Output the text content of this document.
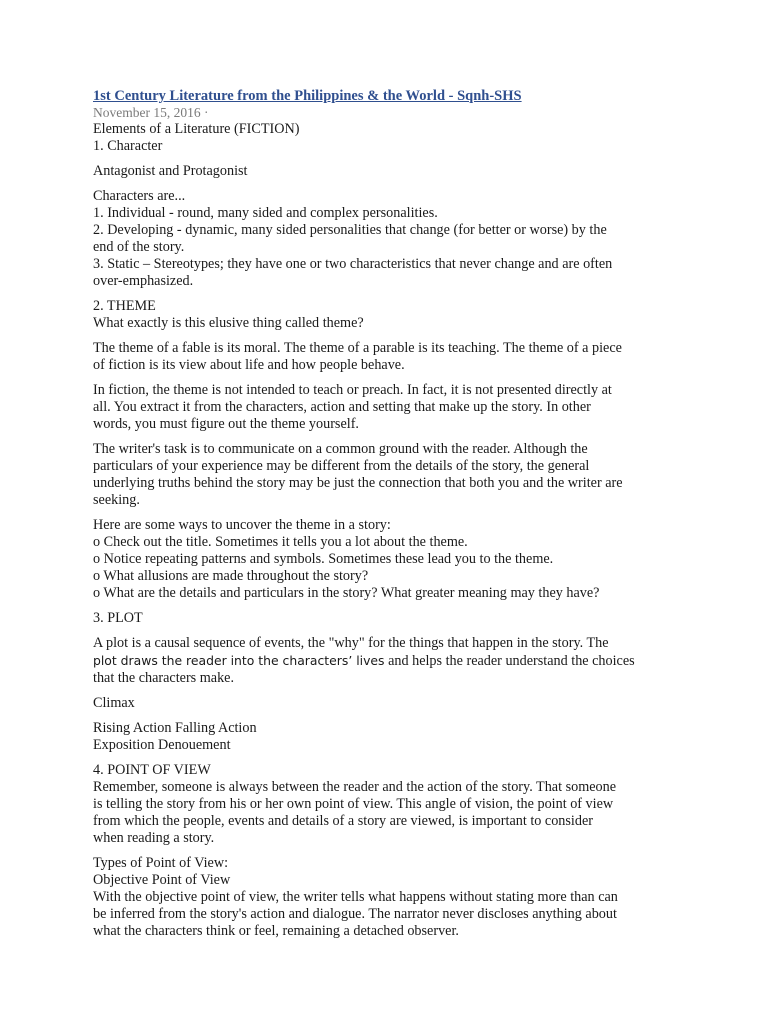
1st Century Literature from the Philippines & the World - Sqnh-SHS
November 15, 2016 ·

Elements of a Literature (FICTION)
1. Character

Antagonist and Protagonist

Characters are...
1. Individual - round, many sided and complex personalities.
2. Developing - dynamic, many sided personalities that change (for better or worse) by the
end of the story.
3. Static – Stereotypes; they have one or two characteristics that never change and are often
over-emphasized.

2. THEME
What exactly is this elusive thing called theme?

The theme of a fable is its moral. The theme of a parable is its teaching. The theme of a piece
of fiction is its view about life and how people behave.

In fiction, the theme is not intended to teach or preach. In fact, it is not presented directly at
all. You extract it from the characters, action and setting that make up the story. In other
words, you must figure out the theme yourself.

The writer's task is to communicate on a common ground with the reader. Although the
particulars of your experience may be different from the details of the story, the general
underlying truths behind the story may be just the connection that both you and the writer are
seeking.

Here are some ways to uncover the theme in a story:
o Check out the title. Sometimes it tells you a lot about the theme.
o Notice repeating patterns and symbols. Sometimes these lead you to the theme.
o What allusions are made throughout the story?
o What are the details and particulars in the story? What greater meaning may they have?

3. PLOT

A plot is a causal sequence of events, the "why" for the things that happen in the story. The
plot draws the reader into the characters’ lives and helps the reader understand the choices
that the characters make.

Climax

Rising Action Falling Action
Exposition Denouement

4. POINT OF VIEW
Remember, someone is always between the reader and the action of the story. That someone
is telling the story from his or her own point of view. This angle of vision, the point of view
from which the people, events and details of a story are viewed, is important to consider
when reading a story.

Types of Point of View:
Objective Point of View
With the objective point of view, the writer tells what happens without stating more than can
be inferred from the story's action and dialogue. The narrator never discloses anything about
what the characters think or feel, remaining a detached observer.
